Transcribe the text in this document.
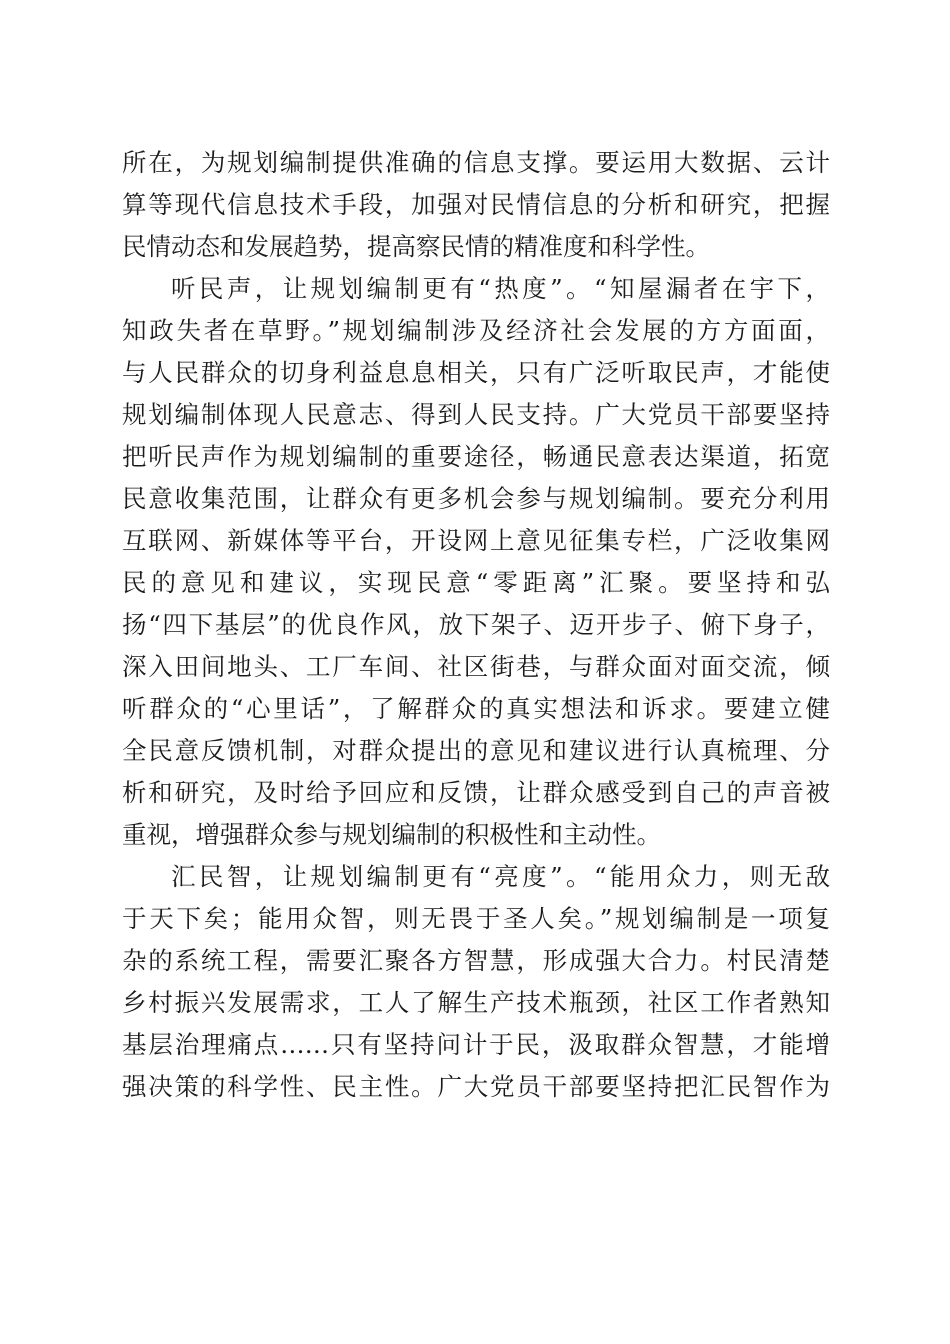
所在，为规划编制提供准确的信息支撑。要运用大数据、云计
算等现代信息技术手段，加强对民情信息的分析和研究，把握
民情动态和发展趋势，提高察民情的精准度和科学性。
听民声，让规划编制更有“热度”。“知屋漏者在宇下，
知政失者在草野。”规划编制涉及经济社会发展的方方面面，
与人民群众的切身利益息息相关，只有广泛听取民声，才能使
规划编制体现人民意志、得到人民支持。广大党员干部要坚持
把听民声作为规划编制的重要途径，畅通民意表达渠道，拓宽
民意收集范围，让群众有更多机会参与规划编制。要充分利用
互联网、新媒体等平台，开设网上意见征集专栏，广泛收集网
民的意见和建议，实现民意“零距离”汇聚。要坚持和弘
扬“四下基层”的优良作风，放下架子、迈开步子、俯下身子，
深入田间地头、工厂车间、社区街巷，与群众面对面交流，倾
听群众的“心里话”，了解群众的真实想法和诉求。要建立健
全民意反馈机制，对群众提出的意见和建议进行认真梳理、分
析和研究，及时给予回应和反馈，让群众感受到自己的声音被
重视，增强群众参与规划编制的积极性和主动性。
汇民智，让规划编制更有“亮度”。“能用众力，则无敌
于天下矣；能用众智，则无畏于圣人矣。”规划编制是一项复
杂的系统工程，需要汇聚各方智慧，形成强大合力。村民清楚
乡村振兴发展需求，工人了解生产技术瓶颈，社区工作者熟知
基层治理痛点……只有坚持问计于民，汲取群众智慧，才能增
强决策的科学性、民主性。广大党员干部要坚持把汇民智作为
